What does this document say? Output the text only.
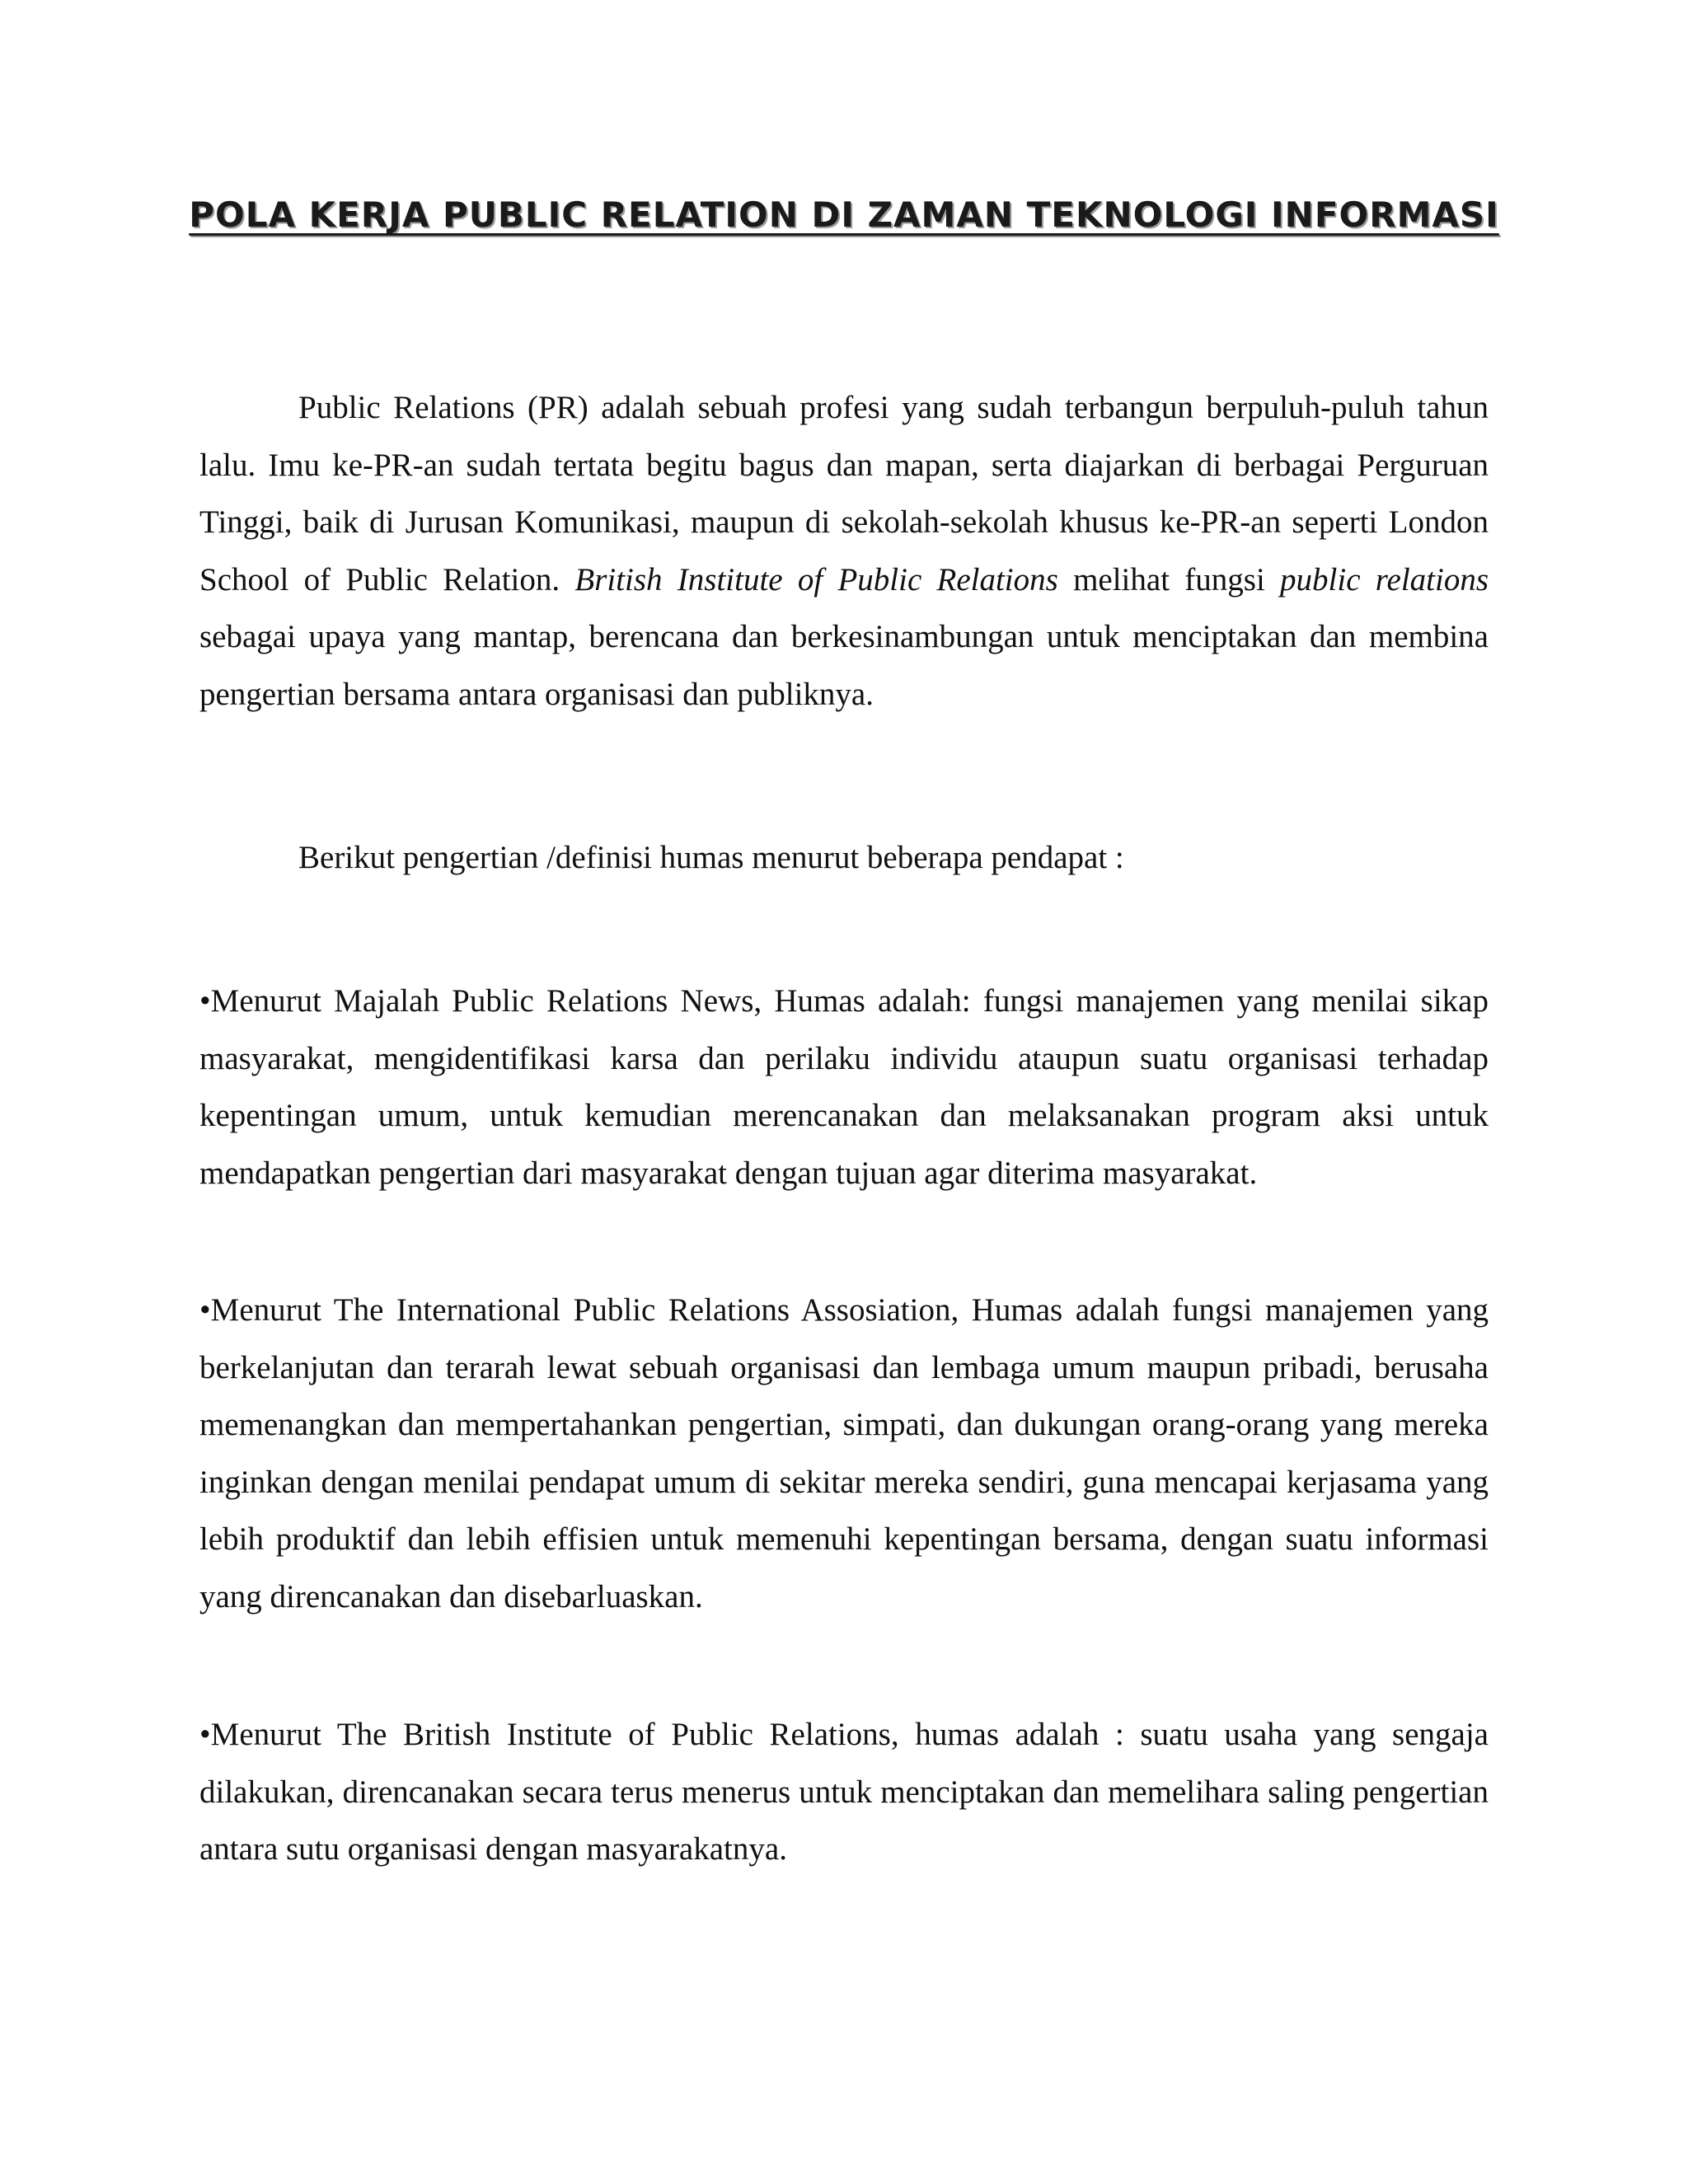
POLA KERJA PUBLIC RELATION DI ZAMAN TEKNOLOGI INFORMASI

Public Relations (PR) adalah sebuah profesi yang sudah terbangun berpuluh-puluh tahun lalu. Imu ke-PR-an sudah tertata begitu bagus dan mapan, serta diajarkan di berbagai Perguruan Tinggi, baik di Jurusan Komunikasi, maupun di sekolah-sekolah khusus ke-PR-an seperti London School of Public Relation. British Institute of Public Relations melihat fungsi public relations sebagai upaya yang mantap, berencana dan berkesinambungan untuk menciptakan dan membina pengertian bersama antara organisasi dan publiknya.

Berikut pengertian /definisi humas menurut beberapa pendapat :

•Menurut Majalah Public Relations News, Humas adalah: fungsi manajemen yang menilai sikap masyarakat, mengidentifikasi karsa dan perilaku individu ataupun suatu organisasi terhadap kepentingan umum, untuk kemudian merencanakan dan melaksanakan program aksi untuk mendapatkan pengertian dari masyarakat dengan tujuan agar diterima masyarakat.

•Menurut The International Public Relations Assosiation, Humas adalah fungsi manajemen yang berkelanjutan dan terarah lewat sebuah organisasi dan lembaga umum maupun pribadi, berusaha memenangkan dan mempertahankan pengertian, simpati, dan dukungan orang-orang yang mereka inginkan dengan menilai pendapat umum di sekitar mereka sendiri, guna mencapai kerjasama yang lebih produktif dan lebih effisien untuk memenuhi kepentingan bersama, dengan suatu informasi yang direncanakan dan disebarluaskan.

•Menurut The British Institute of Public Relations, humas adalah : suatu usaha yang sengaja dilakukan, direncanakan secara terus menerus untuk menciptakan dan memelihara saling pengertian antara sutu organisasi dengan masyarakatnya.
